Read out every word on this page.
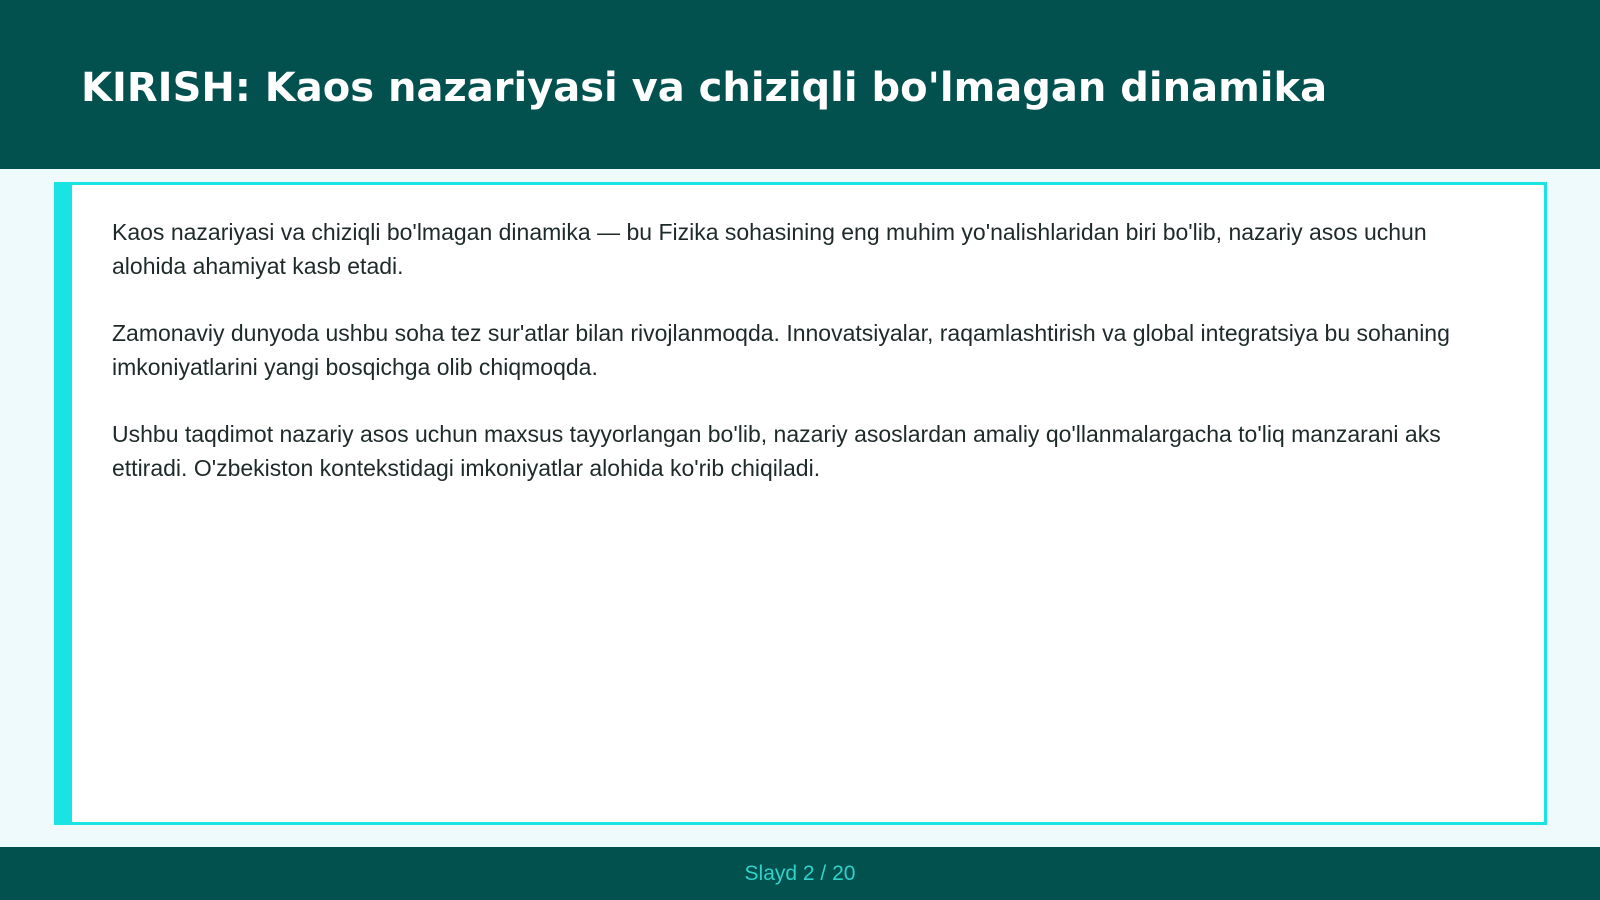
KIRISH: Kaos nazariyasi va chiziqli bo'lmagan dinamika

Kaos nazariyasi va chiziqli bo'lmagan dinamika — bu Fizika sohasining eng muhim yo'nalishlaridan biri bo'lib, nazariy asos uchun alohida ahamiyat kasb etadi.

Zamonaviy dunyoda ushbu soha tez sur'atlar bilan rivojlanmoqda. Innovatsiyalar, raqamlashtirish va global integratsiya bu sohaning imkoniyatlarini yangi bosqichga olib chiqmoqda.

Ushbu taqdimot nazariy asos uchun maxsus tayyorlangan bo'lib, nazariy asoslardan amaliy qo'llanmalargacha to'liq manzarani aks ettiradi. O'zbekiston kontekstidagi imkoniyatlar alohida ko'rib chiqiladi.

Slayd 2 / 20
